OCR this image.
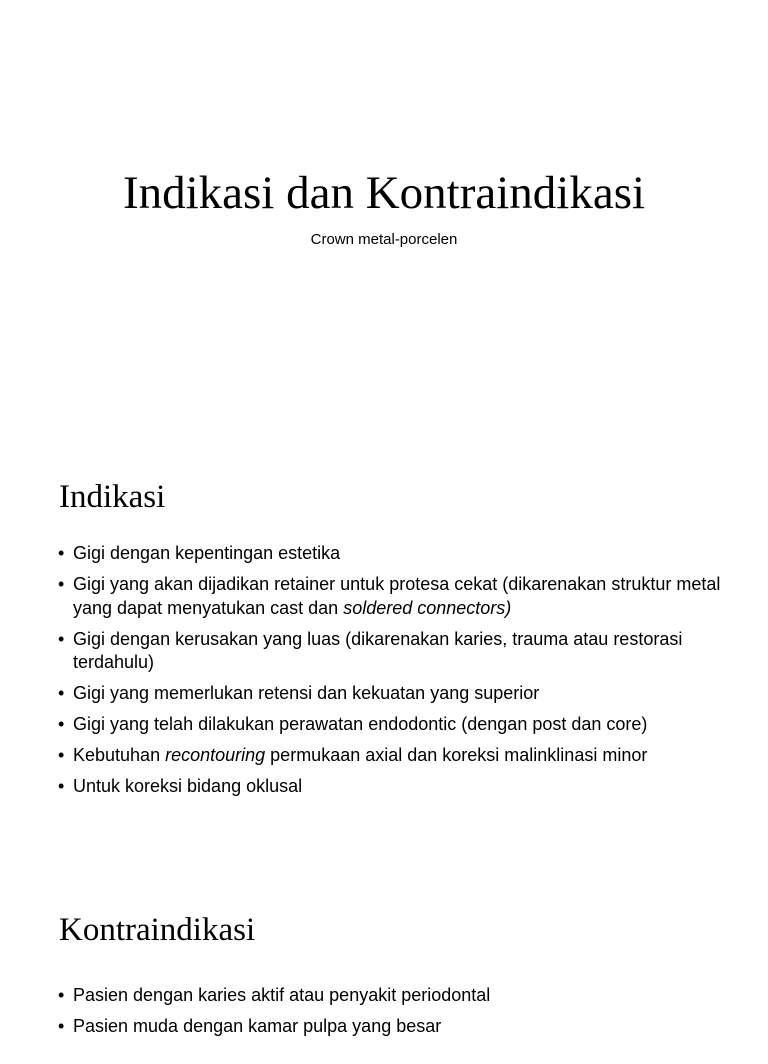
Indikasi dan Kontraindikasi

Crown metal-porcelen

Indikasi
• Gigi dengan kepentingan estetika
• Gigi yang akan dijadikan retainer untuk protesa cekat (dikarenakan struktur metal yang dapat menyatukan cast dan soldered connectors)
• Gigi dengan kerusakan yang luas (dikarenakan karies, trauma atau restorasi terdahulu)
• Gigi yang memerlukan retensi dan kekuatan yang superior
• Gigi yang telah dilakukan perawatan endodontic (dengan post dan core)
• Kebutuhan recontouring permukaan axial dan koreksi malinklinasi minor
• Untuk koreksi bidang oklusal
Kontraindikasi
• Pasien dengan karies aktif atau penyakit periodontal
• Pasien muda dengan kamar pulpa yang besar
